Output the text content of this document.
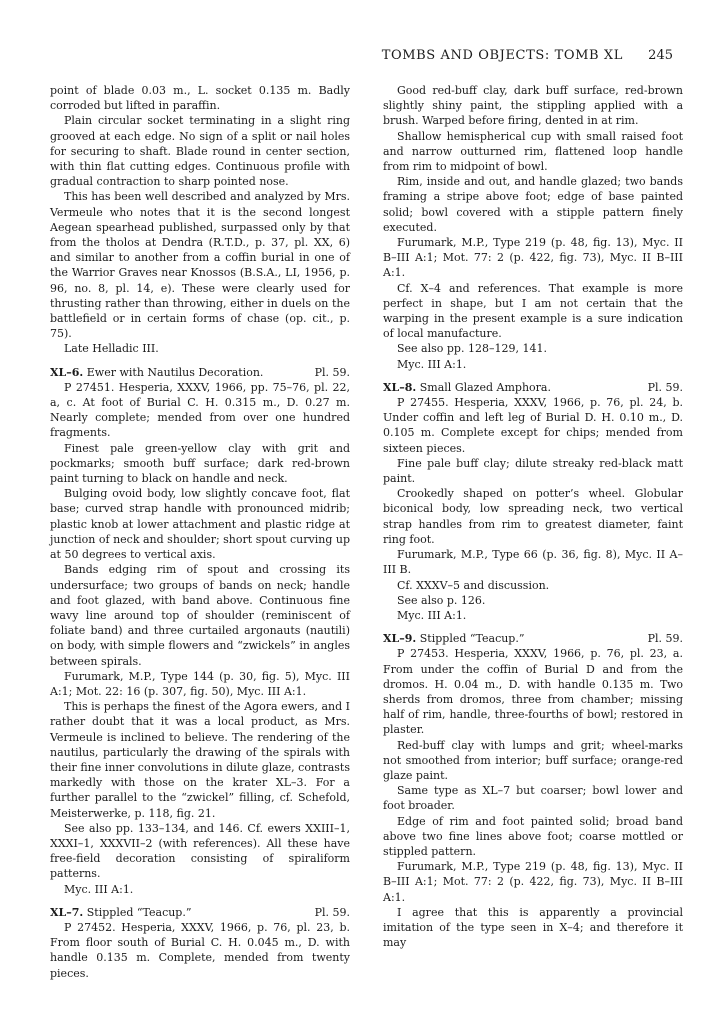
TOMBS AND OBJECTS: TOMB XL 245

point of blade 0.03 m., L. socket 0.135 m. Badly corroded but lifted in paraffin.

Plain circular socket terminating in a slight ring grooved at each edge. No sign of a split or nail holes for securing to shaft. Blade round in center section, with thin flat cutting edges. Continuous profile with gradual contraction to sharp pointed nose.

This has been well described and analyzed by Mrs. Vermeule who notes that it is the second longest Aegean spearhead published, surpassed only by that from the tholos at Dendra (R.T.D., p. 37, pl. XX, 6) and similar to another from a coffin burial in one of the Warrior Graves near Knossos (B.S.A., LI, 1956, p. 96, no. 8, pl. 14, e). These were clearly used for thrusting rather than throwing, either in duels on the battlefield or in certain forms of chase (op. cit., p. 75).

Late Helladic III.

XL–6. Ewer with Nautilus Decoration.	Pl. 59.

P 27451. Hesperia, XXXV, 1966, pp. 75–76, pl. 22, a, c. At foot of Burial C. H. 0.315 m., D. 0.27 m. Nearly complete; mended from over one hundred fragments.

Finest pale green-yellow clay with grit and pockmarks; smooth buff surface; dark red-brown paint turning to black on handle and neck.

Bulging ovoid body, low slightly concave foot, flat base; curved strap handle with pronounced midrib; plastic knob at lower attachment and plastic ridge at junction of neck and shoulder; short spout curving up at 50 degrees to vertical axis.

Bands edging rim of spout and crossing its undersurface; two groups of bands on neck; handle and foot glazed, with band above. Continuous fine wavy line around top of shoulder (reminiscent of foliate band) and three curtailed argonauts (nautili) on body, with simple flowers and “zwickels” in angles between spirals.

Furumark, M.P., Type 144 (p. 30, fig. 5), Myc. III A:1; Mot. 22: 16 (p. 307, fig. 50), Myc. III A:1.

This is perhaps the finest of the Agora ewers, and I rather doubt that it was a local product, as Mrs. Vermeule is inclined to believe. The rendering of the nautilus, particularly the drawing of the spirals with their fine inner convolutions in dilute glaze, contrasts markedly with those on the krater XL–3. For a further parallel to the “zwickel” filling, cf. Schefold, Meisterwerke, p. 118, fig. 21.

See also pp. 133–134, and 146. Cf. ewers XXIII–1, XXXI–1, XXXVII–2 (with references). All these have free-field decoration consisting of spiraliform patterns.

Myc. III A:1.

XL–7. Stippled “Teacup.”	Pl. 59.

P 27452. Hesperia, XXXV, 1966, p. 76, pl. 23, b. From floor south of Burial C. H. 0.045 m., D. with handle 0.135 m. Complete, mended from twenty pieces.

Good red-buff clay, dark buff surface, red-brown slightly shiny paint, the stippling applied with a brush. Warped before firing, dented in at rim.

Shallow hemispherical cup with small raised foot and narrow outturned rim, flattened loop handle from rim to midpoint of bowl.

Rim, inside and out, and handle glazed; two bands framing a stripe above foot; edge of base painted solid; bowl covered with a stipple pattern finely executed.

Furumark, M.P., Type 219 (p. 48, fig. 13), Myc. II B–III A:1; Mot. 77: 2 (p. 422, fig. 73), Myc. II B–III A:1.

Cf. X–4 and references. That example is more perfect in shape, but I am not certain that the warping in the present example is a sure indication of local manufacture.

See also pp. 128–129, 141.

Myc. III A:1.

XL–8. Small Glazed Amphora.	Pl. 59.

P 27455. Hesperia, XXXV, 1966, p. 76, pl. 24, b. Under coffin and left leg of Burial D. H. 0.10 m., D. 0.105 m. Complete except for chips; mended from sixteen pieces.

Fine pale buff clay; dilute streaky red-black matt paint.

Crookedly shaped on potter’s wheel. Globular biconical body, low spreading neck, two vertical strap handles from rim to greatest diameter, faint ring foot.

Furumark, M.P., Type 66 (p. 36, fig. 8), Myc. II A–III B.

Cf. XXXV–5 and discussion.

See also p. 126.

Myc. III A:1.

XL–9. Stippled “Teacup.”	Pl. 59.

P 27453. Hesperia, XXXV, 1966, p. 76, pl. 23, a. From under the coffin of Burial D and from the dromos. H. 0.04 m., D. with handle 0.135 m. Two sherds from dromos, three from chamber; missing half of rim, handle, three-fourths of bowl; restored in plaster.

Red-buff clay with lumps and grit; wheel-marks not smoothed from interior; buff surface; orange-red glaze paint.

Same type as XL–7 but coarser; bowl lower and foot broader.

Edge of rim and foot painted solid; broad band above two fine lines above foot; coarse mottled or stippled pattern.

Furumark, M.P., Type 219 (p. 48, fig. 13), Myc. II B–III A:1; Mot. 77: 2 (p. 422, fig. 73), Myc. II B–III A:1.

I agree that this is apparently a provincial imitation of the type seen in X–4; and therefore it may
